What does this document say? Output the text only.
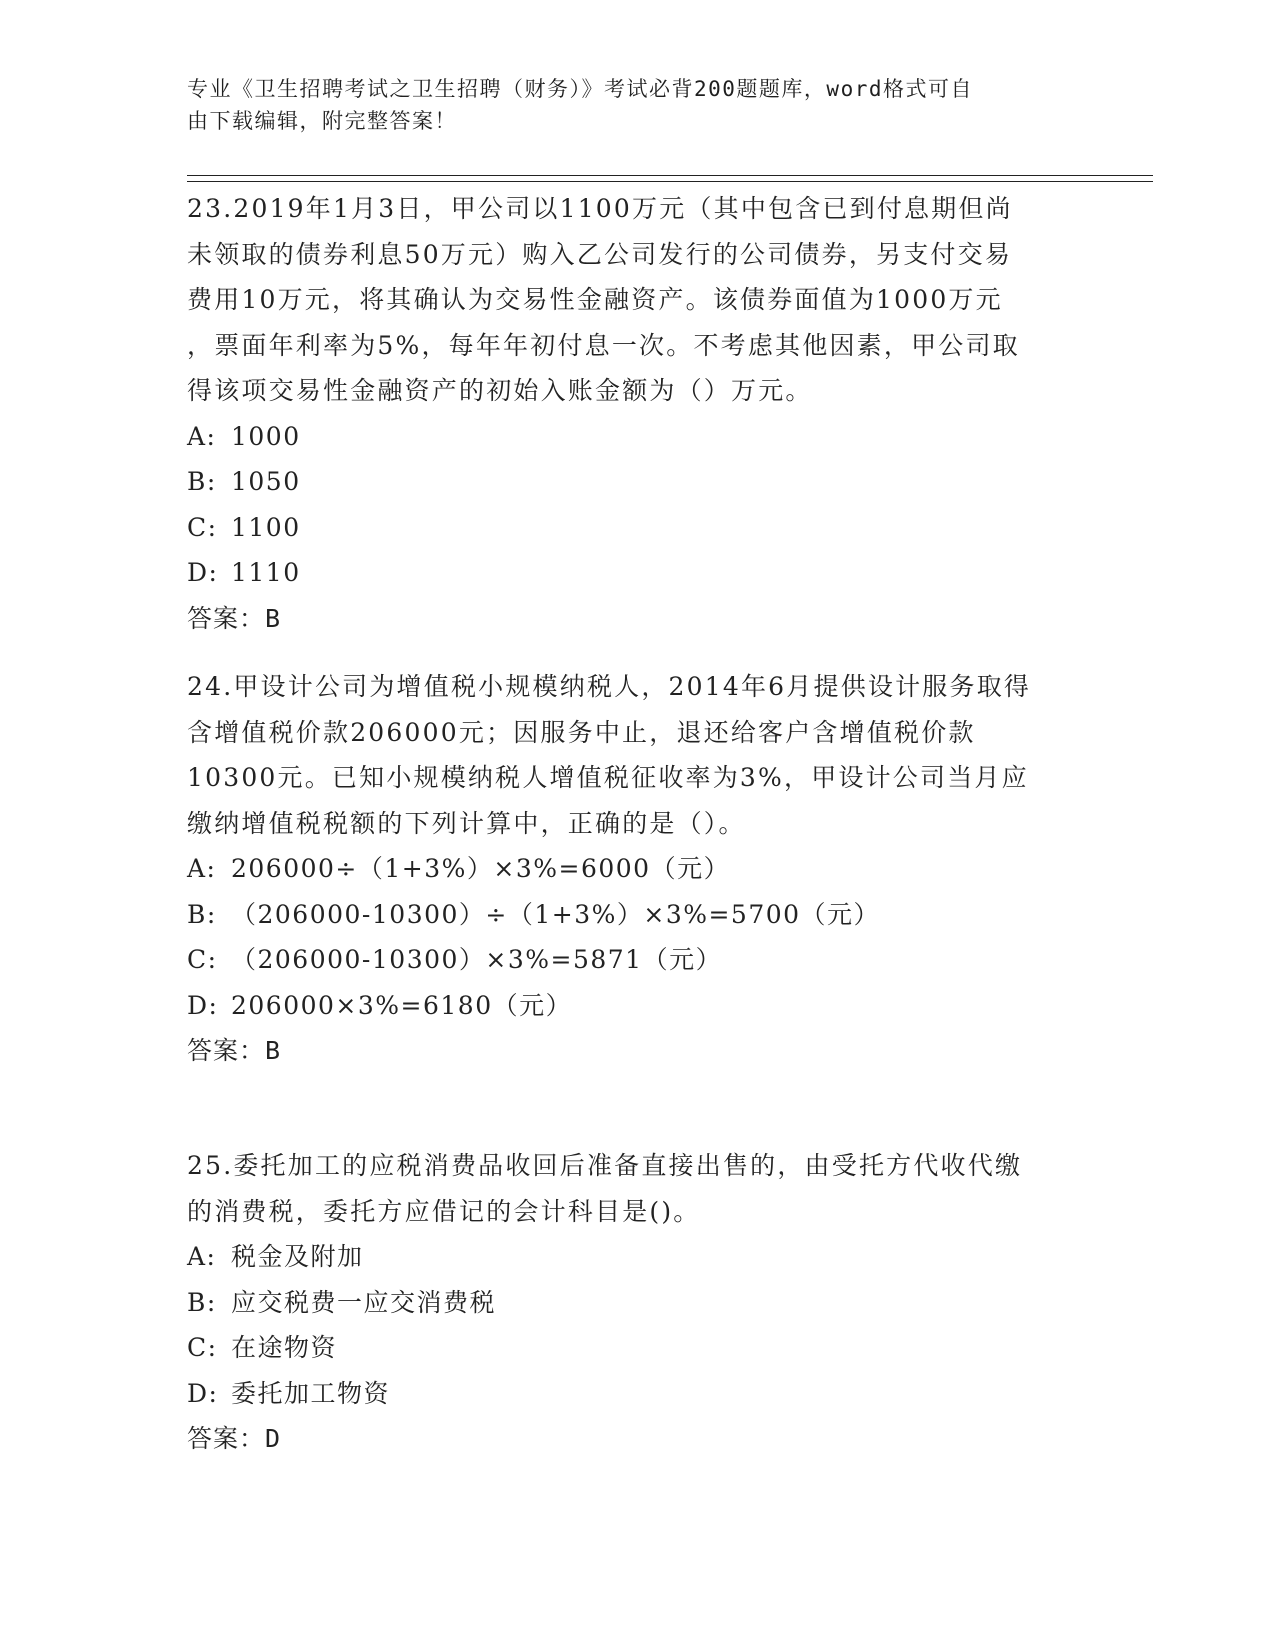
专业《卫生招聘考试之卫生招聘（财务）》考试必背200题题库，word格式可自
由下载编辑，附完整答案！
23.2019年1月3日，甲公司以1100万元（其中包含已到付息期但尚
未领取的债券利息50万元）购入乙公司发行的公司债券，另支付交易
费用10万元，将其确认为交易性金融资产。该债券面值为1000万元
，票面年利率为5%，每年年初付息一次。不考虑其他因素，甲公司取
得该项交易性金融资产的初始入账金额为（）万元。
A: 1000
B: 1050
C: 1100
D: 1110
答案：B
24.甲设计公司为增值税小规模纳税人，2014年6月提供设计服务取得
含增值税价款206000元；因服务中止，退还给客户含增值税价款
10300元。已知小规模纳税人增值税征收率为3%，甲设计公司当月应
缴纳增值税税额的下列计算中，正确的是（）。
A: 206000÷（1+3%）×3%=6000（元）
B: （206000-10300）÷（1+3%）×3%=5700（元）
C: （206000-10300）×3%=5871（元）
D: 206000×3%=6180（元）
答案：B
25.委托加工的应税消费品收回后准备直接出售的，由受托方代收代缴
的消费税，委托方应借记的会计科目是()。
A: 税金及附加
B: 应交税费一应交消费税
C: 在途物资
D: 委托加工物资
答案：D
